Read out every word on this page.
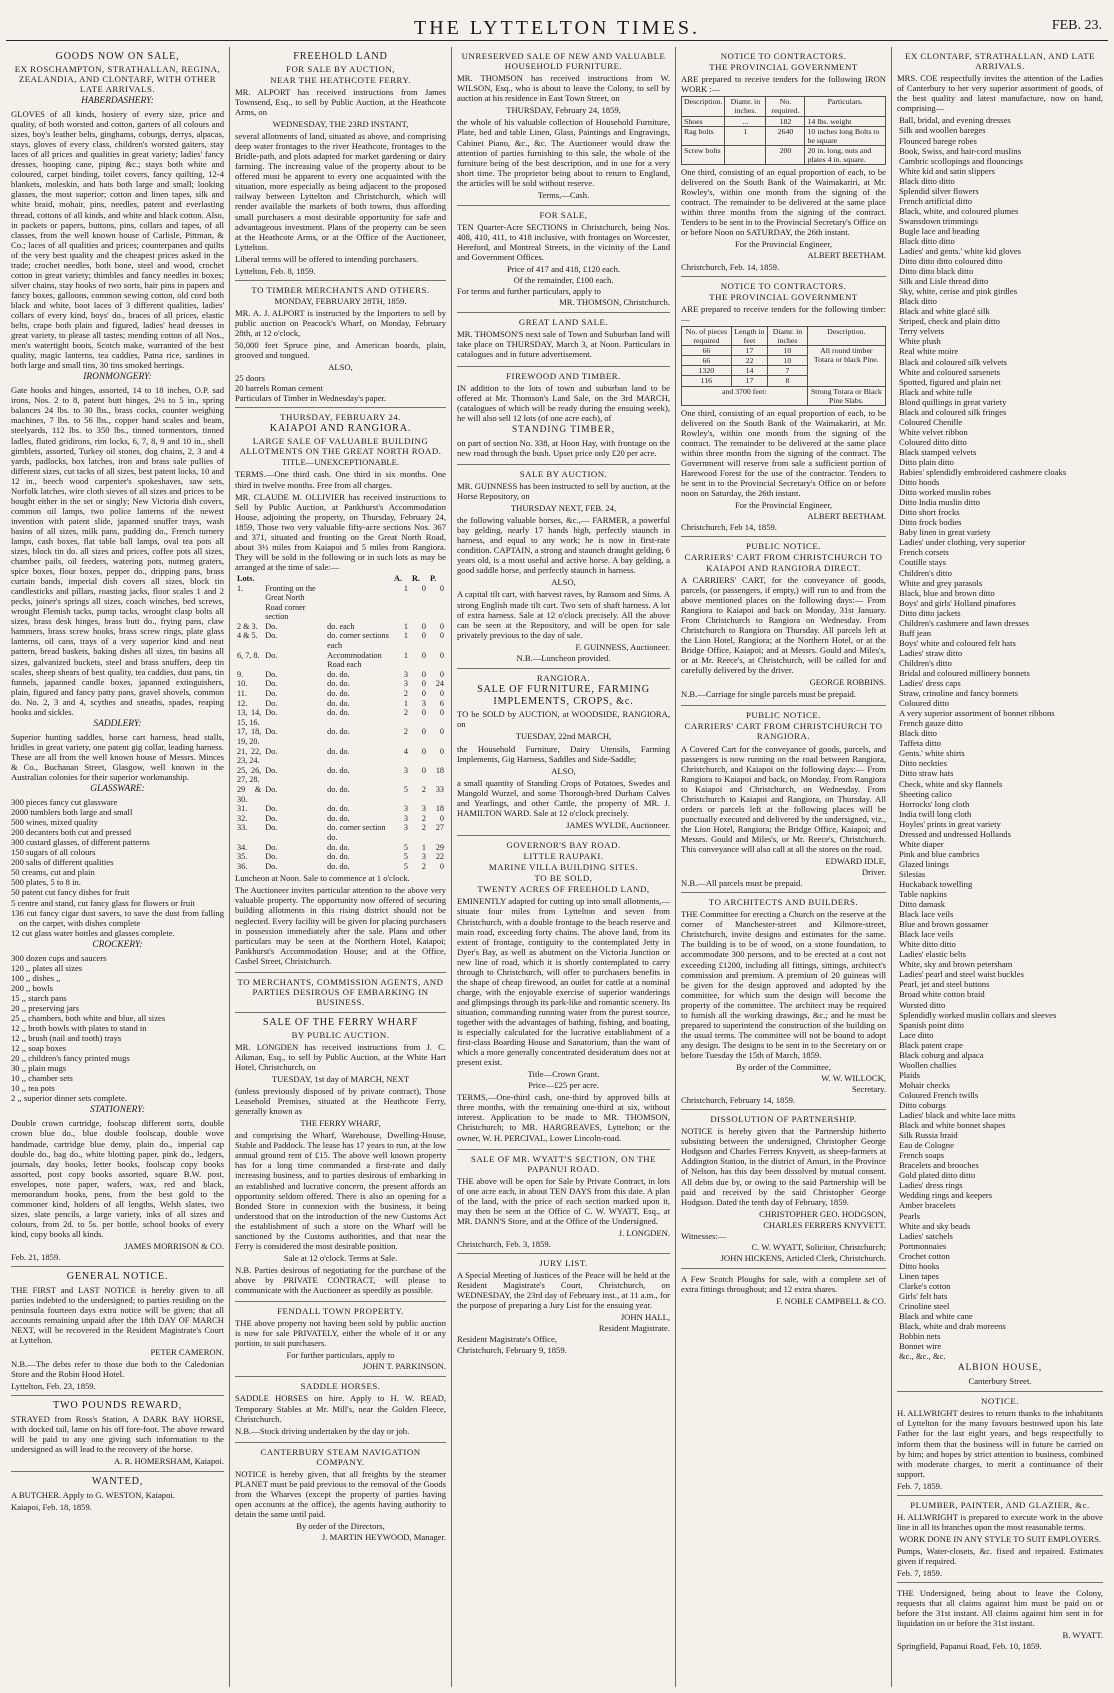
THE LYTTELTON TIMES.	FEB. 23.
GOODS NOW ON SALE,
EX ROSCHAMPTON, STRATHALLAN, REGINA, ZEALANDIA, AND CLONTARF, WITH OTHER LATE ARRIVALS.
HABERDASHERY:

GLOVES of all kinds, hosiery of every size, price and quality, of both worsted and cotton, garters of all colours and sizes, boy's leather belts, ginghams, coburgs, derrys, alpacas, stays, gloves of every class, children's worsted gaiters, stay laces of all prices and qualities in great variety; ladies' fancy dresses, hooping cane, piping &c.; stays both white and coloured, carpet binding, toilet covers, fancy quilting, 12-4 blankets, moleskin, and hats both large and small; looking glasses, the most superior; cotton and linen tapes, silk and white braid, mohair, pins, needles, patent and everlasting thread, cottons of all kinds, and white and black cotton. Also, in packets or papers, buttons, pins, collars and tapes, of all classes, from the well known house of Carlisle, Pittman, & Co.; laces of all qualities and prices; counterpanes and quilts of the very best quality and the cheapest prices asked in the trade; crochet needles, both bone, steel and wood, crochet cotton in great variety; thimbles and fancy needles in boxes; silver chains, stay hooks of two sorts, hair pins in papers and fancy boxes, galloons, common sewing cotton, old cord both black and white, boot laces of 3 different qualities, ladies' collars of every kind, boys' do., braces of all prices, elastic belts, crape both plain and figured, ladies' head dresses in great variety, to please all tastes; mending cotton of all Nos., men's watertight boots, Scotch make, warranted of the best quality, magic lanterns, tea caddies, Patna rice, sardines in both large and small tins, 30 tins smoked herrings.

IRONMONGERY:

Gate hooks and hinges, assorted, 14 to 18 inches, O.P. sad irons, Nos. 2 to 8, patent butt hinges, 2½ to 5 in., spring balances 24 lbs. to 30 lbs., brass cocks, counter weighing machines, 7 lbs. to 56 lbs., copper hand scales and beam, steelyards, 112 lbs. to 350 lbs., tinned tormentors, tinned ladles, fluted gridirons, rim locks, 6, 7, 8, 9 and 10 in., shell gimblets, assorted, Turkey oil stones, dog chains, 2, 3 and 4 yards, padlocks, box latches, iron and brass sale pullies of different sizes, cut tacks of all sizes, best patent locks, 10 and 12 in., beech wood carpenter's spokeshaves, saw sets, Norfolk latches, wire cloth sieves of all sizes and prices to be bought either in the set or singly; New Victoria dish covers, common oil lamps, two police lanterns of the newest invention with patent slide, japanned snuffer trays, wash basins of all sizes, milk pans, pudding do., French turnery lamps, cash boxes, flat table ball lamps, oval tea pots all sizes, block tin do. all sizes and prices, coffee pots all sizes, chamber pails, oil feeders, watering pots, nutmeg graters, spice boxes, flour boxes, pepper do., dripping pans, brass curtain bands, imperial dish covers all sizes, block tin candlesticks and pillars, roasting jacks, floor scales 1 and 2 pecks, joiner's springs all sizes, coach winches, bed screws, wrought Flemish tacks, pump tacks, wrought clasp bolts all sizes, brass desk hinges, brass butt do., frying pans, claw hammers, brass screw hooks, brass screw rings, plate glass lanterns, oil cans, trays of a very superior kind and neat pattern, bread baskets, baking dishes all sizes, tin basins all sizes, galvanized buckets, steel and brass snuffers, deep tin scales, sheep shears of best quality, tea caddies, dust pans, tin funnels, japanned candle boxes, japanned extinguishers, plain, figured and fancy patty pans, gravel shovels, common do. No. 2, 3 and 4, scythes and sneaths, spades, reaping hooks and sickles.

SADDLERY:

Superior hunting saddles, horse cart harness, head stalls, bridles in great variety, one patent gig collar, leading harness. These are all from the well known house of Messrs. Minces & Co., Buchanan Street, Glasgow, well known in the Australian colonies for their superior workmanship.

GLASSWARE:
300 pieces fancy cut glassware
2000 tumblers both large and small
500 wines, mixed quality
200 decanters both cut and pressed
300 custard glasses, of different patterns
150 sugars of all colours
200 salts of different qualities
50 creams, cut and plain
500 plates, 5 to 8 in.
50 patent cut fancy dishes for fruit
5 centre and stand, cut fancy glass for flowers or fruit
136 cut fancy cigar dust savers, to save the dust from falling on the carpet, with dishes complete
12 cut glass water bottles and glasses complete.
CROCKERY:
300 dozen cups and saucers
120 ,, plates all sizes
100 ,, dishes ,,
200 ,, bowls
15 ,, starch pans
20 ,, preserving jars
25 ,, chambers, both white and blue, all sizes
12 ,, broth bowls with plates to stand in
12 ,, brush (nail and tooth) trays
12 ,, soap boxes
20 ,, children's fancy printed mugs
30 ,, plain mugs
10 ,, chamber sets
10 ,, tea pots
2 ,, superior dinner sets complete.
STATIONERY:

Double crown cartridge, foolscap different sorts, double crown blue do., blue double foolscap, double wove handmade, cartridge blue demy, plain do., imperial cap double do., bag do., white blotting paper, pink do., ledgers, journals, day books, letter books, foolscap copy books assorted, post copy books assorted, square B.W. post, envelopes, note paper, wafers, wax, red and black, memorandum books, pens, from the best gold to the commoner kind, holders of all lengths, Welsh slates, two sizes, slate pencils, a large variety, inks of all sizes and colours, from 2d. to 5s. per bottle, school books of every kind, copy books all kinds.

JAMES MORRISON & CO.
Feb. 21, 1859.
GENERAL NOTICE.

THE FIRST and LAST NOTICE is hereby given to all parties indebted to the undersigned; to parties residing on the peninsula fourteen days extra notice will be given; that all accounts remaining unpaid after the 18th DAY OF MARCH NEXT, will be recovered in the Resident Magistrate's Court at Lyttelton.

PETER CAMERON.

N.B.—The debts refer to those due both to the Caledonian Store and the Robin Hood Hotel.

Lyttelton, Feb. 23, 1859.
TWO POUNDS REWARD,

STRAYED from Ross's Station, A DARK BAY HORSE, with docked tail, lame on his off fore-foot. The above reward will be paid to any one giving such information to the undersigned as will lead to the recovery of the horse.

A. R. HOMERSHAM, Kaiapoi.
WANTED,

A BUTCHER. Apply to G. WESTON, Kaiapoi.

Kaiapoi, Feb. 18, 1859.
FREEHOLD LAND
FOR SALE BY AUCTION,
NEAR THE HEATHCOTE FERRY.

MR. ALPORT has received instructions from James Townsend, Esq., to sell by Public Auction, at the Heathcote Arms, on

WEDNESDAY, THE 23RD INSTANT,

several allotments of land, situated as above, and comprising deep water frontages to the river Heathcote, frontages to the Bridle-path, and plots adapted for market gardening or dairy farming. The increasing value of the property about to be offered must be apparent to every one acquainted with the situation, more especially as being adjacent to the proposed railway between Lyttelton and Christchurch, which will render available the markets of both towns, thus affording small purchasers a most desirable opportunity for safe and advantageous investment. Plans of the property can be seen at the Heathcote Arms, or at the Office of the Auctioneer, Lyttelton.

Liberal terms will be offered to intending purchasers.

Lyttelton, Feb. 8, 1859.
TO TIMBER MERCHANTS AND OTHERS.
MONDAY, FEBRUARY 28TH, 1859.

MR. A. J. ALPORT is instructed by the Importers to sell by public auction on Peacock's Wharf, on Monday, February 28th, at 12 o'clock,

50,000 feet Spruce pine, and American boards, plain, grooved and tongued.

ALSO,
25 doors
20 barrels Roman cement
Particulars of Timber in Wednesday's paper.
THURSDAY, FEBRUARY 24.
KAIAPOI AND RANGIORA.
LARGE SALE OF VALUABLE BUILDING ALLOTMENTS ON THE GREAT NORTH ROAD.
TITLE—UNEXCEPTIONABLE.

TERMS.—One third cash. One third in six months. One third in twelve months. Free from all charges.

MR. CLAUDE M. OLLIVIER has received instructions to Sell by Public Auction, at Pankhurst's Accommodation House, adjoining the property, on Thursday, February 24, 1859, Those two very valuable fifty-acre sections Nos. 367 and 371, situated and fronting on the Great North Road, about 3½ miles from Kaiapoi and 5 miles from Rangiora. They will be sold in the following or in such lots as may be arranged at the time of sale:—

Lots.			A.	R.	P.
1.	Fronting on the Great North Road corner section		1	0	0
2 & 3.	Do.	do. each	1	0	0
4 & 5.	Do.	do. corner sections each	1	0	0
6, 7, 8.	Do.	Accommodation Road each	1	0	0
9.	Do.	do. do.	3	0	0
10.	Do.	do. do.	3	0	24
11.	Do.	do. do.	2	0	0
12.	Do.	do. do.	1	3	6
13, 14, 15, 16.	Do.	do. do.	2	0	0
17, 18, 19, 20.	Do.	do. do.	2	0	0
21, 22, 23, 24.	Do.	do. do.	4	0	0
25, 26, 27, 28.	Do.	do. do.	3	0	18
29 & 30.	Do.	do. do.	5	2	33
31.	Do.	do. do.	3	3	18
32.	Do.	do. do.	3	2	0
33.	Do.	do. corner section do.	3	2	27
34.	Do.	do. do.	5	1	29
35.	Do.	do. do.	5	3	22
36.	Do.	do. do.	5	2	0

Luncheon at Noon. Sale to commence at 1 o'clock.

The Auctioneer invites particular attention to the above very valuable property. The opportunity now offered of securing building allotments in this rising district should not be neglected. Every facility will be given for placing purchasers in possession immediately after the sale. Plans and other particulars may be seen at the Northern Hotel, Kaiapoi; Pankhurst's Accommodation House; and at the Office, Cashel Street, Christchurch.

TO MERCHANTS, COMMISSION AGENTS, AND PARTIES DESIROUS OF EMBARKING IN BUSINESS.
SALE OF THE FERRY WHARF
BY PUBLIC AUCTION.

MR. LONGDEN has received instructions from J. C. Aikman, Esq., to sell by Public Auction, at the White Hart Hotel, Christchurch, on

TUESDAY, 1st day of MARCH, NEXT

(unless previously disposed of by private contract), Those Leasehold Premises, situated at the Heathcote Ferry, generally known as

THE FERRY WHARF,

and comprising the Wharf, Warehouse, Dwelling-House, Stable and Paddock. The lease has 17 years to run, at the low annual ground rent of £15. The above well known property has for a long time commanded a first-rate and daily increasing business, and to parties desirous of embarking in an established and lucrative concern, the present affords an opportunity seldom offered. There is also an opening for a Bonded Store in connexion with the business, it being understood that on the introduction of the new Customs Act the establishment of such a store on the Wharf will be sanctioned by the Customs authorities, and that near the Ferry is considered the most desirable position.

Sale at 12 o'clock. Terms at Sale.

N.B. Parties desirous of negotiating for the purchase of the above by PRIVATE CONTRACT, will please to communicate with the Auctioneer as speedily as possible.

FENDALL TOWN PROPERTY.

THE above property not having been sold by public auction is now for sale PRIVATELY, either the whole of it or any portion, to suit purchasers.

For further particulars, apply to
JOHN T. PARKINSON.
SADDLE HORSES.

SADDLE HORSES on hire. Apply to H. W. READ, Temporary Stables at Mr. Mill's, near the Golden Fleece, Christchurch.

N.B.—Stock driving undertaken by the day or job.

CANTERBURY STEAM NAVIGATION COMPANY.

NOTICE is hereby given, that all freights by the steamer PLANET must be paid previous to the removal of the Goods from the Wharves (except the property of parties having open accounts at the office), the agents having authority to detain the same until paid.

By order of the Directors,
J. MARTIN HEYWOOD, Manager.
UNRESERVED SALE OF NEW AND VALUABLE HOUSEHOLD FURNITURE.

MR. THOMSON has received instructions from W. WILSON, Esq., who is about to leave the Colony, to sell by auction at his residence in East Town Street, on

THURSDAY, February 24, 1859,

the whole of his valuable collection of Household Furniture, Plate, bed and table Linen, Glass, Paintings and Engravings, Cabinet Piano, &c., &c. The Auctioneer would draw the attention of parties furnishing to this sale, the whole of the furniture being of the best description, and in use for a very short time. The proprietor being about to return to England, the articles will be sold without reserve.

Terms,—Cash.
FOR SALE,

TEN Quarter-Acre SECTIONS in Christchurch, being Nos. 408, 410, 411, to 418 inclusive, with frontages on Worcester, Hereford, and Montreal Streets, in the vicinity of the Land and Government Offices.

Price of 417 and 418, £120 each.
Of the remainder, £100 each.
For terms and further particulars, apply to
MR. THOMSON, Christchurch.
GREAT LAND SALE.

MR. THOMSON'S next sale of Town and Suburban land will take place on THURSDAY, March 3, at Noon. Particulars in catalogues and in future advertisement.

FIREWOOD AND TIMBER.

IN addition to the lots of town and suburban land to be offered at Mr. Thomson's Land Sale, on the 3rd MARCH, (catalogues of which will be ready during the ensuing week), he will also sell 12 lots (of one acre each), of

STANDING TIMBER,

on part of section No. 338, at Hoon Hay, with frontage on the new road through the bush. Upset price only £20 per acre.

SALE BY AUCTION.

MR. GUINNESS has been instructed to sell by auction, at the Horse Repository, on

THURSDAY NEXT, FEB. 24,

the following valuable horses, &c.,— FARMER, a powerful bay gelding, nearly 17 hands high, perfectly staunch in harness, and equal to any work; he is now in first-rate condition. CAPTAIN, a strong and staunch draught gelding, 6 years old, is a most useful and active horse. A bay gelding, a good saddle horse, and perfectly staunch in harness.

ALSO,

A capital tilt cart, with harvest raves, by Ransom and Sims. A strong English made tilt cart. Two sets of shaft harness. A lot of extra harness. Sale at 12 o'clock precisely. All the above can be seen at the Repository, and will be open for sale privately previous to the day of sale.

F. GUINNESS, Auctioneer.
N.B.—Luncheon provided.
RANGIORA.
SALE OF FURNITURE, FARMING IMPLEMENTS, CROPS, &c.

TO be SOLD by AUCTION, at WOODSIDE, RANGIORA, on

TUESDAY, 22nd MARCH,

the Household Furniture, Dairy Utensils, Farming Implements, Gig Harness, Saddles and Side-Saddle;

ALSO,

a small quantity of Standing Crops of Potatoes, Swedes and Mangold Wurzel, and some Thorough-bred Durham Calves and Yearlings, and other Cattle, the property of MR. J. HAMILTON WARD. Sale at 12 o'clock precisely.

JAMES WYLDE, Auctioneer.
GOVERNOR'S BAY ROAD.
LITTLE RAUPAKI.
MARINE VILLA BUILDING SITES.
TO BE SOLD,
TWENTY ACRES OF FREEHOLD LAND,

EMINENTLY adapted for cutting up into small allotments,—situate four miles from Lyttelton and seven from Christchurch, with a double frontage to the beach reserve and main road, exceeding forty chains. The above land, from its extent of frontage, contiguity to the contemplated Jetty in Dyer's Bay, as well as abutment on the Victoria Junction or new line of road, which it is shortly contemplated to carry through to Christchurch, will offer to purchasers benefits in the shape of cheap firewood, an outlet for cattle at a nominal charge, with the enjoyable exercise of superior wanderings and glimpsings through its park-like and romantic scenery. Its situation, commanding running water from the purest source, together with the advantages of bathing, fishing, and boating, is especially calculated for the lucrative establishment of a first-class Boarding House and Sanatorium, than the want of which a more generally concentrated desideratum does not at present exist.

Title—Crown Grant.
Price—£25 per acre.

TERMS,—One-third cash, one-third by approved bills at three months, with the remaining one-third at six, without interest. Application to be made to MR. THOMSON, Christchurch; to MR. HARGREAVES, Lyttelton; or the owner, W. H. PERCIVAL, Lower Lincoln-road.

SALE OF MR. WYATT'S SECTION, ON THE PAPANUI ROAD.

THE above will be open for Sale by Private Contract, in lots of one acre each, in about TEN DAYS from this date. A plan of the land, with the price of each section marked upon it, may then be seen at the Office of C. W. WYATT, Esq., at MR. DANN'S Store, and at the Office of the Undersigned.

J. LONGDEN.
Christchurch, Feb. 3, 1859.
JURY LIST.

A Special Meeting of Justices of the Peace will be held at the Resident Magistrate's Court, Christchurch, on WEDNESDAY, the 23rd day of February inst., at 11 a.m., for the purpose of preparing a Jury List for the ensuing year.

JOHN HALL,
Resident Magistrate.
Resident Magistrate's Office,
Christchurch, February 9, 1859.
NOTICE TO CONTRACTORS.
THE PROVINCIAL GOVERNMENT

ARE prepared to receive tenders for the following IRON WORK :—

Description.	Diamr. in inches.	No. required.	Particulars.
Shoes	...	182	14 lbs. weight
Rag bolts	1	2640	10 inches long Bolts to be square
Screw bolts		200	20 in. long, nuts and plates 4 in. square.

One third, consisting of an equal proportion of each, to be delivered on the South Bank of the Waimakariri, at Mr. Rowley's, within one month from the signing of the contract. The remainder to be delivered at the same place within three months from the signing of the contract. Tenders to be sent in to the Provincial Secretary's Office on or before Noon on SATURDAY, the 26th instant.

For the Provincial Engineer,
ALBERT BEETHAM.
Christchurch, Feb. 14, 1859.
NOTICE TO CONTRACTORS.
THE PROVINCIAL GOVERNMENT

ARE prepared to receive tenders for the following timber:—

No. of pieces required	Length in feet	Diamr. in inches	Description.
66	17	10	All round timber Totara or black Pine.
66	22	10	
1320	14	7	
116	17	8	
and 3700 feet:			Strong Totara or Black Pine Slabs.

One third, consisting of an equal proportion of each, to be delivered on the South Bank of the Waimakariri, at Mr. Rowley's, within one month from the signing of the contract. The remainder to be delivered at the same place within three months from the signing of the contract. The Government will reserve from sale a sufficient portion of Harewood Forest for the use of the contractor. Tenders to be sent in to the Provincial Secretary's Office on or before noon on Saturday, the 26th instant.

For the Provincial Engineer,
ALBERT BEETHAM.
Christchurch, Feb 14, 1859.
PUBLIC NOTICE.
CARRIERS' CART FROM CHRISTCHURCH TO KAIAPOI AND RANGIORA DIRECT.

A CARRIERS' CART, for the conveyance of goods, parcels, (or passengers, if empty,) will run to and from the above mentioned places on the following days:— From Rangiora to Kaiapoi and back on Monday, 31st January. From Christchurch to Rangiora on Wednesday. From Christchurch to Rangiora on Thursday. All parcels left at the Lion Hotel, Rangiora; at the Northern Hotel, or at the Bridge Office, Kaiapoi; and at Messrs. Gould and Miles's, or at Mr. Reece's, at Christchurch, will be called for and carefully delivered by the driver.

GEORGE ROBBINS.

N.B.—Carriage for single parcels must be prepaid.

PUBLIC NOTICE.
CARRIERS' CART FROM CHRISTCHURCH TO RANGIORA.

A Covered Cart for the conveyance of goods, parcels, and passengers is now running on the road between Rangiora, Christchurch, and Kaiapoi on the following days:— From Rangiora to Kaiapoi and back, on Monday. From Rangiora to Kaiapoi and Christchurch, on Wednesday. From Christchurch to Kaiapoi and Rangiora, on Thursday. All orders or parcels left at the following places will be punctually executed and delivered by the undersigned, viz., the Lion Hotel, Rangiora; the Bridge Office, Kaiapoi; and Messrs. Gould and Miles's, or Mr. Reece's, Christchurch. This conveyance will also call at all the stores on the road.

EDWARD IDLE,
Driver.
N.B.—All parcels must be prepaid.
TO ARCHITECTS AND BUILDERS.

THE Committee for erecting a Church on the reserve at the corner of Manchester-street and Kilmore-street, Christchurch, invite designs and estimates for the same. The building is to be of wood, on a stone foundation, to accommodate 300 persons, and to be erected at a cost not exceeding £1200, including all fittings, sittings, architect's commission and premium. A premium of 20 guineas will be given for the design approved and adopted by the committee, for which sum the design will become the property of the committee. The architect may be required to furnish all the working drawings, &c.; and he must be prepared to superintend the construction of the building on the usual terms. The committee will not be bound to adopt any design. The designs to be sent in to the Secretary on or before Tuesday the 15th of March, 1859.

By order of the Committee,
W. W. WILLOCK,
Secretary.
Christchurch, February 14, 1859.
DISSOLUTION OF PARTNERSHIP.

NOTICE is hereby given that the Partnership hitherto subsisting between the undersigned, Christopher George Hodgson and Charles Ferrers Knyvett, as sheep-farmers at Addington Station, in the district of Amuri, in the Province of Nelson, has this day been dissolved by mutual consent. All debts due by, or owing to the said Partnership will be paid and received by the said Christopher George Hodgson. Dated the tenth day of February, 1859.

CHRISTOPHER GEO. HODGSON,
CHARLES FERRERS KNYVETT.
Witnesses:—
C. W. WYATT, Solicitor, Christchurch;
JOHN HICKENS, Articled Clerk, Christchurch.

A Few Scotch Ploughs for sale, with a complete set of extra fittings throughout; and 12 extra shares.

F. NOBLE CAMPBELL & CO.
EX CLONTARF, STRATHALLAN, AND LATE ARRIVALS.

MRS. COE respectfully invites the attention of the Ladies of Canterbury to her very superior assortment of goods, of the best quality and latest manufacture, now on hand, comprising—

Ball, bridal, and evening dresses
Silk and woollen bareges
Flounced barege robes
Book, Swiss, and hair-cord muslins
Cambric scollopings and flouncings
White kid and satin slippers
Black ditto ditto
Splendid silver flowers
French artificial ditto
Black, white, and coloured plumes
Swansdown trimmings
Bugle lace and beading
Black ditto ditto
Ladies' and gents.' white kid gloves
Ditto ditto ditto coloured ditto
Ditto ditto black ditto
Silk and Lisle thread ditto
Sky, white, cerise and pink girdles
Black ditto
Black and white glacé silk
Striped, check and plain ditto
Terry velvets
White plush
Real white moire
Black and coloured silk velvets
White and coloured sarsenets
Spotted, figured and plain net
Black and white tulle
Blond quillings in great variety
Black and coloured silk fringes
Coloured Chenille
White velvet ribbon
Coloured ditto ditto
Black stamped velvets
Ditto plain ditto
Babies' splendidly embroidered cashmere cloaks
Ditto hoods
Ditto worked muslin robes
Ditto India muslin ditto
Ditto short frocks
Ditto frock bodies
Baby linen in great variety
Ladies' under clothing, very superior
French corsets
Coutille stays
Children's ditto
White and grey parasols
Black, blue and brown ditto
Boys' and girls' Holland pinafores
Ditto ditto jackets
Children's cashmere and lawn dresses
Buff jean
Boys' white and coloured felt hats
Ladies' straw ditto
Children's ditto
Bridal and coloured millinery bonnets
Ladies' dress caps
Straw, crinoline and fancy bonnets
Coloured ditto
A very superior assortment of bonnet ribbons
French gauze ditto
Black ditto
Taffeta ditto
Gents.' white shirts
Ditto neckties
Ditto straw hats
Check, white and sky flannels
Sheeting calico
Horrocks' long cloth
India twill long cloth
Hoyles' prints in great variety
Dressed and undressed Hollands
White diaper
Pink and blue cambrics
Glazed linings
Silesias
Huckaback towelling
Table napkins
Ditto damask
Black lace veils
Blue and brown gossamer
Black lace veils
White ditto ditto
Ladies' elastic belts
White, sky and brown petersham
Ladies' pearl and steel waist buckles
Pearl, jet and steel buttons
Broad white cotton braid
Worsted ditto
Splendidly worked muslin collars and sleeves
Spanish point ditto
Lace ditto
Black patent crape
Black coburg and alpaca
Woollen challies
Plaids
Mohair checks
Coloured French twills
Ditto coburgs
Ladies' black and white lace mitts
Black and white bonnet shapes
Silk Russia braid
Eau de Cologne
French soaps
Bracelets and brooches
Gold plated ditto ditto
Ladies' dress rings
Wedding rings and keepers
Amber bracelets
Pearls
White and sky beads
Ladies' satchels
Portmonnaies
Crochet cotton
Ditto hooks
Linen tapes
Clarke's cotton
Girls' felt hats
Crinoline steel
Black and white cane
Black, white and drab moreens
Bobbin nets
Bonnet wire
&c., &c., &c.
ALBION HOUSE,
Canterbury Street.
NOTICE.

H. ALLWRIGHT desires to return thanks to the inhabitants of Lyttelton for the many favours bestowed upon his late Father for the last eight years, and begs respectfully to inform them that the business will in future be carried on by him; and hopes by strict attention to business, combined with moderate charges, to merit a continuance of their support.

Feb. 7, 1859.
PLUMBER, PAINTER, AND GLAZIER, &c.

H. ALLWRIGHT is prepared to execute work in the above line in all its branches upon the most reasonable terms.

WORK DONE IN ANY STYLE TO SUIT EMPLOYERS.

Pumps, Water-closets, &c. fixed and repaired. Estimates given if required.

Feb. 7, 1859.

THE Undersigned, being about to leave the Colony, requests that all claims against him must be paid on or before the 31st instant. All claims against him sent in for liquidation on or before the 31st instant.

B. WYATT.
Springfield, Papanui Road, Feb. 10, 1859.
